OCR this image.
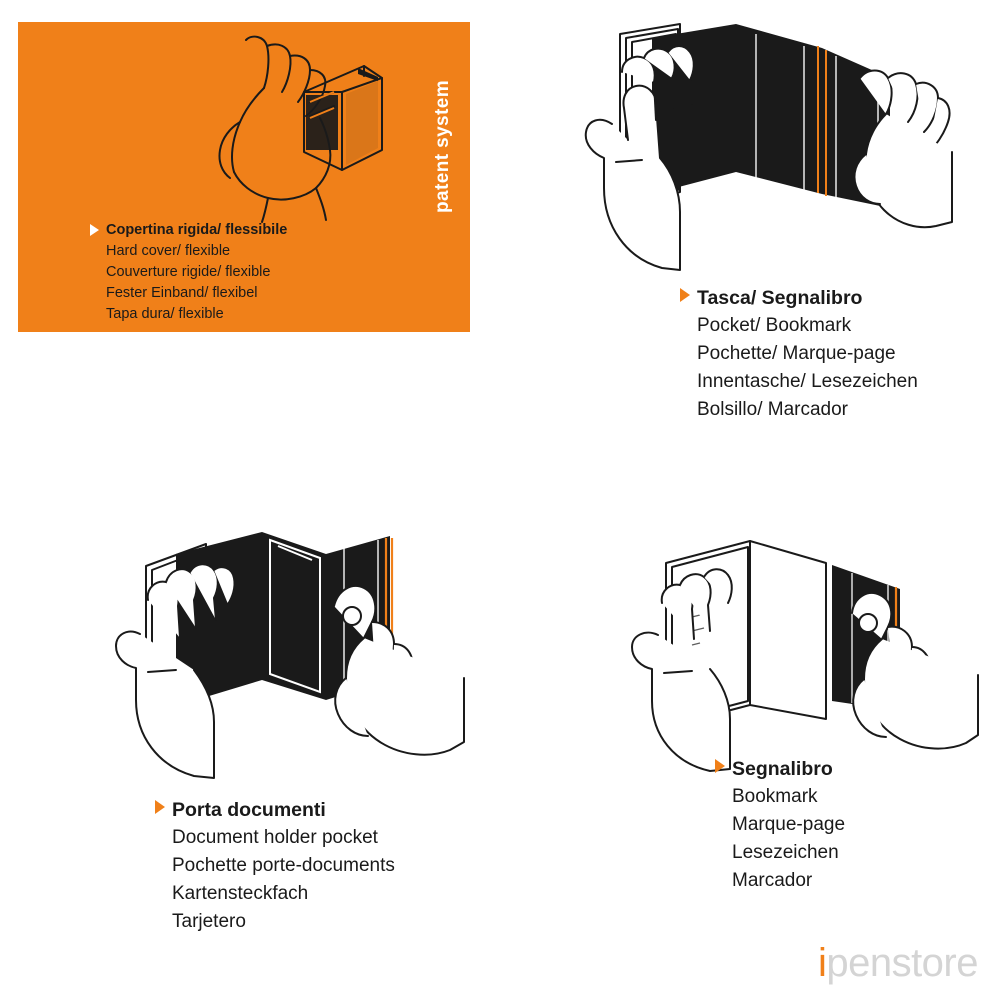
patent system
Copertina rigida/ flessibile
Hard cover/ flexible
Couverture rigide/ flexible
Fester Einband/ flexibel
Tapa dura/ flexible
Tasca/ Segnalibro
Pocket/ Bookmark
Pochette/ Marque-page
Innentasche/ Lesezeichen
Bolsillo/ Marcador
Porta documenti
Document holder pocket
Pochette porte-documents
Kartensteckfach
Tarjetero
Segnalibro
Bookmark
Marque-page
Lesezeichen
Marcador
i penstore
